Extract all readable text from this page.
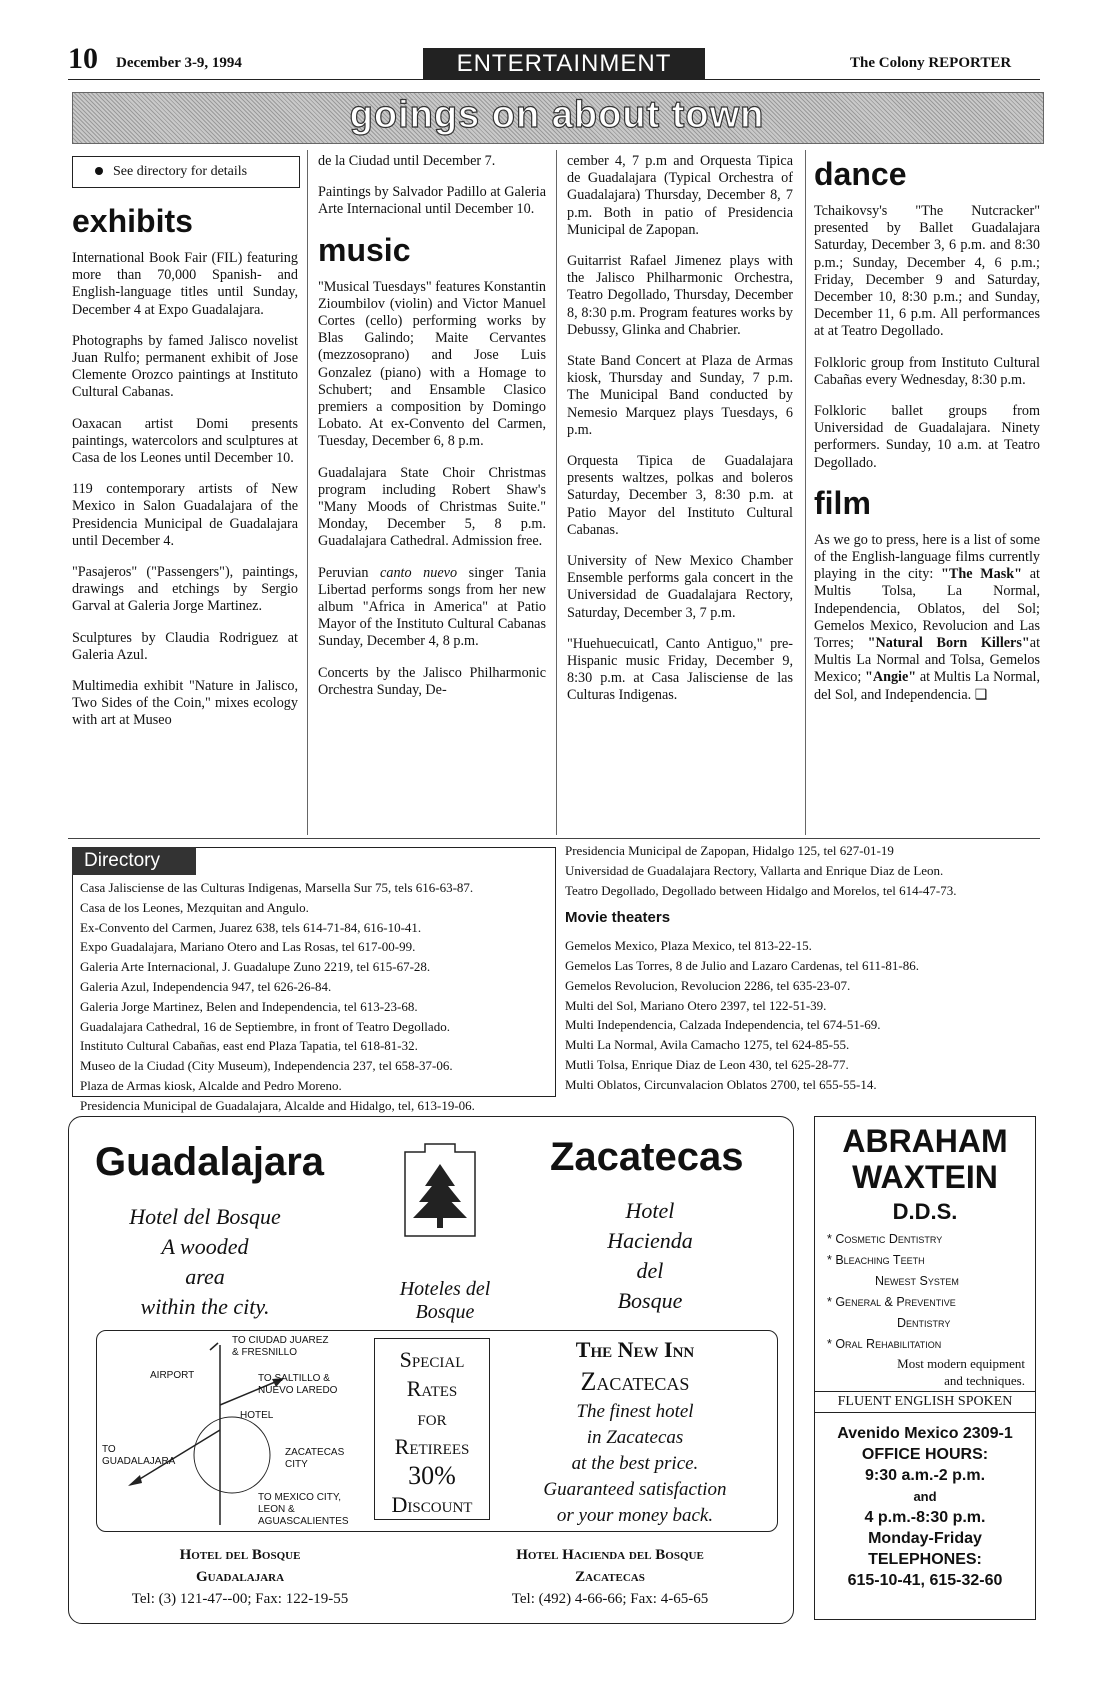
10 December 3-9, 1994	ENTERTAINMENT	The Colony REPORTER
goings on about town
See directory for details
exhibits

International Book Fair (FIL) featuring more than 70,000 Spanish- and English-language titles until Sunday, December 4 at Expo Guadalajara.

Photographs by famed Jalisco novelist Juan Rulfo; permanent exhibit of Jose Clemente Orozco paintings at Instituto Cultural Cabanas.

Oaxacan artist Domi presents paintings, watercolors and sculptures at Casa de los Leones until December 10.

119 contemporary artists of New Mexico in Salon Guadalajara of the Presidencia Municipal de Guadalajara until December 4.

"Pasajeros" ("Passengers"), paintings, drawings and etchings by Sergio Garval at Galeria Jorge Martinez.

Sculptures by Claudia Rodriguez at Galeria Azul.

Multimedia exhibit "Nature in Jalisco, Two Sides of the Coin," mixes ecology with art at Museo

de la Ciudad until December 7.

Paintings by Salvador Padillo at Galeria Arte Internacional until December 10.

music

"Musical Tuesdays" features Konstantin Zioumbilov (violin) and Victor Manuel Cortes (cello) performing works by Blas Galindo; Maite Cervantes (mezzosoprano) and Jose Luis Gonzalez (piano) with a Homage to Schubert; and Ensamble Clasico premiers a composition by Domingo Lobato. At ex-Convento del Carmen, Tuesday, December 6, 8 p.m.

Guadalajara State Choir Christmas program including Robert Shaw's "Many Moods of Christmas Suite." Monday, December 5, 8 p.m. Guadalajara Cathedral. Admission free.

Peruvian canto nuevo singer Tania Libertad performs songs from her new album "Africa in America" at Patio Mayor of the Instituto Cultural Cabanas Sunday, December 4, 8 p.m.

Concerts by the Jalisco Philharmonic Orchestra Sunday, De-

cember 4, 7 p.m and Orquesta Tipica de Guadalajara (Typical Orchestra of Guadalajara) Thursday, December 8, 7 p.m. Both in patio of Presidencia Municipal de Zapopan.

Guitarrist Rafael Jimenez plays with the Jalisco Philharmonic Orchestra, Teatro Degollado, Thursday, December 8, 8:30 p.m. Program features works by Debussy, Glinka and Chabrier.

State Band Concert at Plaza de Armas kiosk, Thursday and Sunday, 7 p.m. The Municipal Band conducted by Nemesio Marquez plays Tuesdays, 6 p.m.

Orquesta Tipica de Guadalajara presents waltzes, polkas and boleros Saturday, December 3, 8:30 p.m. at Patio Mayor del Instituto Cultural Cabanas.

University of New Mexico Chamber Ensemble performs gala concert in the Universidad de Guadalajara Rectory, Saturday, December 3, 7 p.m.

"Huehuecuicatl, Canto Antiguo," pre-Hispanic music Friday, December 9, 8:30 p.m. at Casa Jalisciense de las Culturas Indigenas.

dance

Tchaikovsy's "The Nutcracker" presented by Ballet Guadalajara Saturday, December 3, 6 p.m. and 8:30 p.m.; Sunday, December 4, 6 p.m.; Friday, December 9 and Saturday, December 10, 8:30 p.m.; and Sunday, December 11, 6 p.m. All performances at at Teatro Degollado.

Folkloric group from Instituto Cultural Cabañas every Wednesday, 8:30 p.m.

Folkloric ballet groups from Universidad de Guadalajara. Ninety performers. Sunday, 10 a.m. at Teatro Degollado.

film

As we go to press, here is a list of some of the English-language films currently playing in the city: "The Mask" at Multis Tolsa, La Normal, Independencia, Oblatos, del Sol; Gemelos Mexico, Revolucion and Las Torres; "Natural Born Killers"at Multis La Normal and Tolsa, Gemelos Mexico; "Angie" at Multis La Normal, del Sol, and Independencia. ❑

Directory
Casa Jalisciense de las Culturas Indigenas, Marsella Sur 75, tels 616-63-87.
Casa de los Leones, Mezquitan and Angulo.
Ex-Convento del Carmen, Juarez 638, tels 614-71-84, 616-10-41.
Expo Guadalajara, Mariano Otero and Las Rosas, tel 617-00-99.
Galeria Arte Internacional, J. Guadalupe Zuno 2219, tel 615-67-28.
Galeria Azul, Independencia 947, tel 626-26-84.
Galeria Jorge Martinez, Belen and Independencia, tel 613-23-68.
Guadalajara Cathedral, 16 de Septiembre, in front of Teatro Degollado.
Instituto Cultural Cabañas, east end Plaza Tapatia, tel 618-81-32.
Museo de la Ciudad (City Museum), Independencia 237, tel 658-37-06.
Plaza de Armas kiosk, Alcalde and Pedro Moreno.
Presidencia Municipal de Guadalajara, Alcalde and Hidalgo, tel, 613-19-06.
Presidencia Municipal de Zapopan, Hidalgo 125, tel 627-01-19
Universidad de Guadalajara Rectory, Vallarta and Enrique Diaz de Leon.
Teatro Degollado, Degollado between Hidalgo and Morelos, tel 614-47-73.
Movie theaters
Gemelos Mexico, Plaza Mexico, tel 813-22-15.
Gemelos Las Torres, 8 de Julio and Lazaro Cardenas, tel 611-81-86.
Gemelos Revolucion, Revolucion 2286, tel 635-23-07.
Multi del Sol, Mariano Otero 2397, tel 122-51-39.
Multi Independencia, Calzada Independencia, tel 674-51-69.
Multi La Normal, Avila Camacho 1275, tel 624-85-55.
Mutli Tolsa, Enrique Diaz de Leon 430, tel 625-28-77.
Multi Oblatos, Circunvalacion Oblatos 2700, tel 655-55-14.
Guadalajara	Zacatecas
Hotel del Bosque
A wooded
area
within the city.
Hotel
Hacienda
del
Bosque
Hoteles del Bosque
TO CIUDAD JUAREZ
& FRESNILLO
AIRPORT	TO SALTILLO &
NUEVO LAREDO
HOTEL
TO
GUADALAJARA
ZACATECAS
CITY
TO MEXICO CITY,
LEON &
AGUASCALIENTES
Special
Rates
for
Retirees
30%
Discount
The New Inn
Zacatecas
The finest hotel
in Zacatecas
at the best price.
Guaranteed satisfaction
or your money back.
Hotel del Bosque
Guadalajara
Tel: (3) 121-47--00; Fax: 122-19-55
Hotel Hacienda del Bosque
Zacatecas
Tel: (492) 4-66-66; Fax: 4-65-65
ABRAHAM
WAXTEIN
D.D.S.
* Cosmetic Dentistry
* Bleaching Teeth
Newest System
* General & Preventive
Dentistry
* Oral Rehabilitation
Most modern equipment
and techniques.
FLUENT ENGLISH SPOKEN
Avenido Mexico 2309-1
OFFICE HOURS:
9:30 a.m.-2 p.m.
and
4 p.m.-8:30 p.m.
Monday-Friday
TELEPHONES:
615-10-41, 615-32-60
